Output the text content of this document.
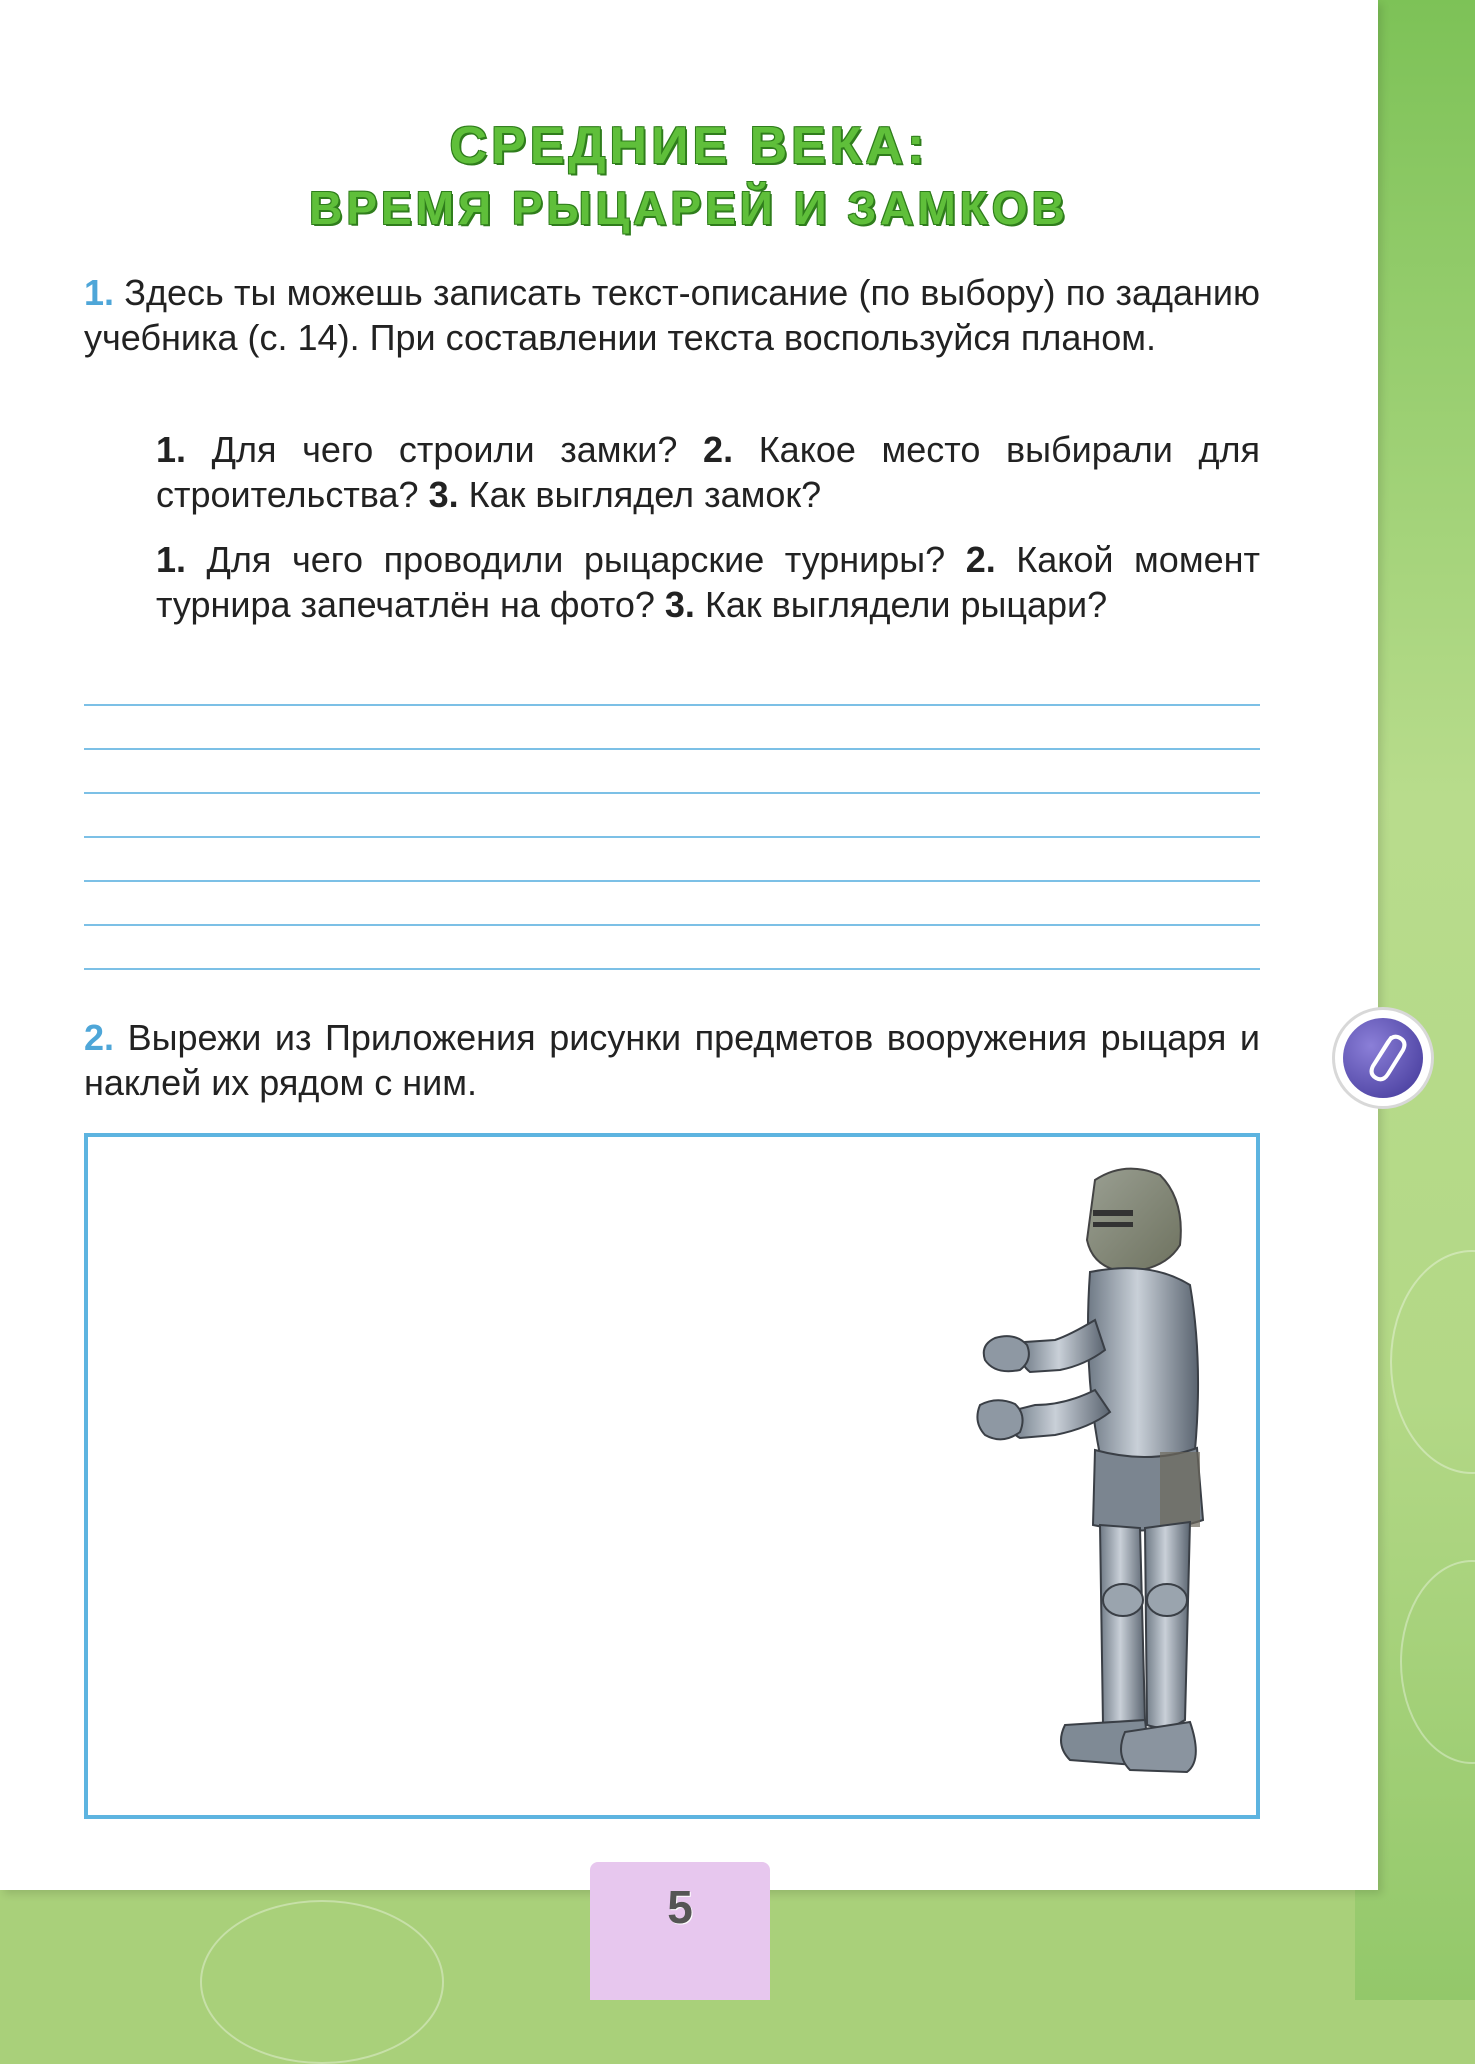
СРЕДНИЕ ВЕКА:
ВРЕМЯ РЫЦАРЕЙ И ЗАМКОВ
1. Здесь ты можешь записать текст-описание (по выбору) по заданию учебника (с. 14). При составлении текста воспользуйся планом.
1. Для чего строили замки? 2. Какое место выбирали для строительства? 3. Как выглядел замок?
1. Для чего проводили рыцарские турниры? 2. Какой момент турнира запечатлён на фото? 3. Как выглядели рыцари?
2. Вырежи из Приложения рисунки предметов вооружения рыцаря и наклей их рядом с ним.
5
